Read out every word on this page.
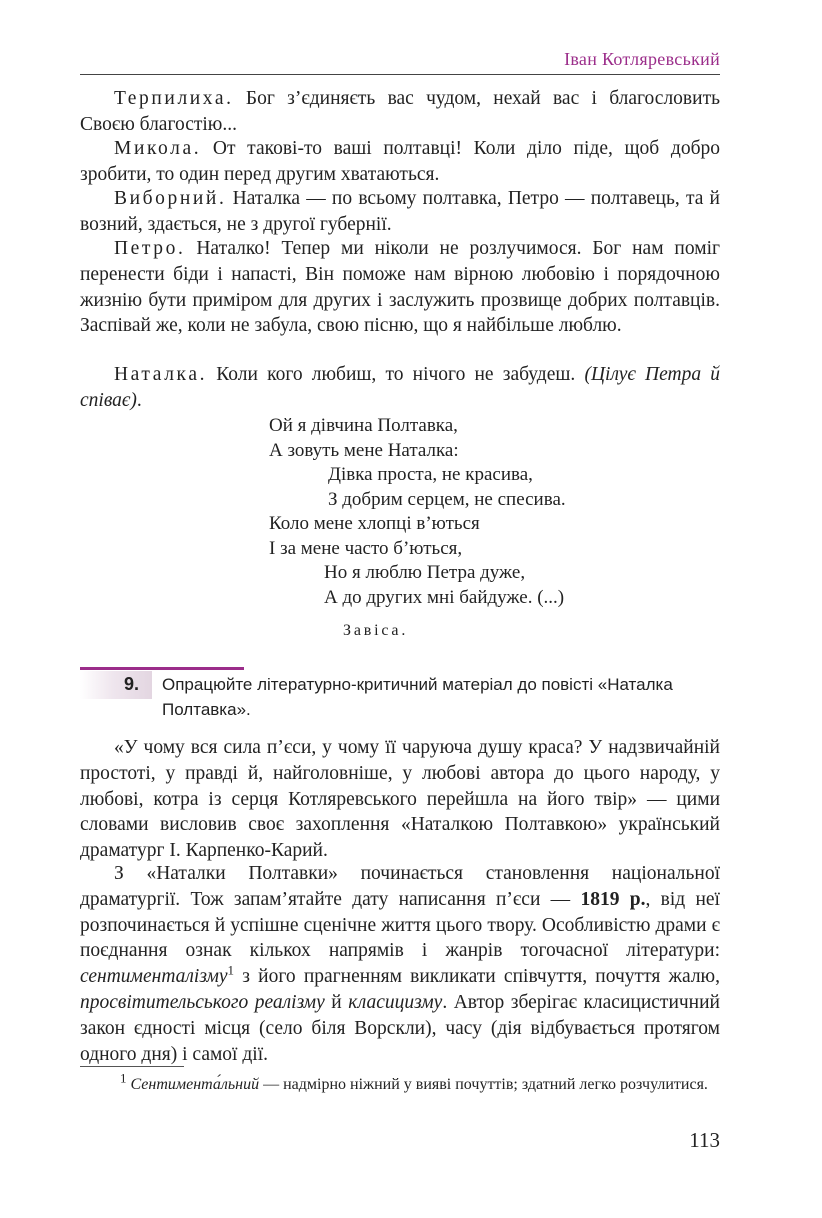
Іван Котляревський

Терпилиха. Бог з’єдиняєть вас чудом, нехай вас і благословить Своєю благостію...

Микола. От такові-то ваші полтавці! Коли діло піде, щоб добро зробити, то один перед другим хватаються.

Виборний. Наталка — по всьому полтавка, Петро — полтавець, та й возний, здається, не з другої губернії.

Петро. Наталко! Тепер ми ніколи не розлучимося. Бог нам поміг перенести біди і напасті, Він поможе нам вірною любовію і порядочною жизнію бути приміром для других і заслужить прозвище добрих полтавців. Заспівай же, коли не забула, свою пісню, що я найбільше люблю.

Наталка. Коли кого любиш, то нічого не забудеш. (Цілує Петра й співає).

Ой я дівчина Полтавка,
А зовуть мене Наталка:
Дівка проста, не красива,
З добрим серцем, не спесива.
Коло мене хлопці в’ються
І за мене часто б’ються,
Но я люблю Петра дуже,
А до других мні байдуже. (...)
Завіса.
9. Опрацюйте літературно-критичний матеріал до повісті «Наталка Полтавка».

«У чому вся сила п’єси, у чому її чаруюча душу краса? У надзвичайній простоті, у правді й, найголовніше, у любові автора до цього народу, у любові, котра із серця Котляревського перейшла на його твір» — цими словами висловив своє захоплення «Наталкою Полтавкою» український драматург І. Карпенко-Карий.

З «Наталки Полтавки» починається становлення національної драматургії. Тож запам’ятайте дату написання п’єси — 1819 р., від неї розпочинається й успішне сценічне життя цього твору. Особливістю драми є поєднання ознак кількох напрямів і жанрів тогочасної літератури: сентименталізму$^1$ з його прагненням викликати співчуття, почуття жалю, просвітительського реалізму й класицизму. Автор зберігає класицистичний закон єдності місця (село біля Ворскли), часу (дія відбувається протягом одного дня) і самої дії.

$^1$ Сентимента́льний — надмірно ніжний у вияві почуттів; здатний легко розчулитися.
113
